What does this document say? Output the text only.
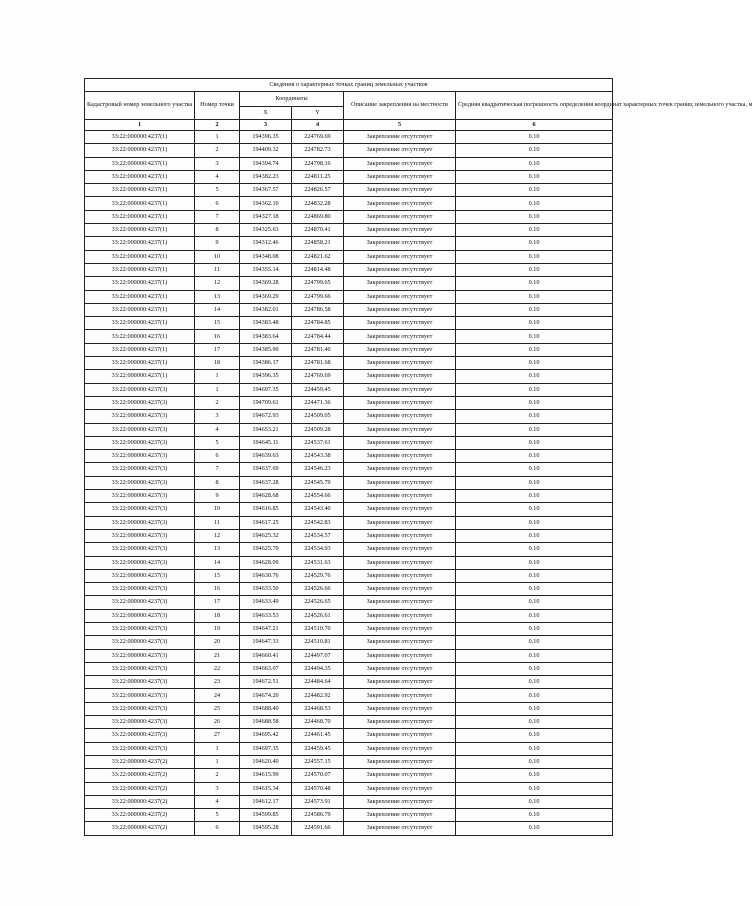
Сведения о характерных точках границ земельных участков					
Кадастровый номер земельного участка	Номер точки	Координаты		Описание закрепления на местности	Средняя квадратическая погрешность определения координат характерных точек границ земельного участка, м
		X	Y		
1	2	3	4	5	6
33:22:000000:4237(1)	1	194396.35	224769.69	Закрепление отсутствует	0.10
33:22:000000:4237(1)	2	194409.32	224782.73	Закрепление отсутствует	0.10
33:22:000000:4237(1)	3	194394.74	224798.16	Закрепление отсутствует	0.10
33:22:000000:4237(1)	4	194382.23	224811.25	Закрепление отсутствует	0.10
33:22:000000:4237(1)	5	194367.57	224826.57	Закрепление отсутствует	0.10
33:22:000000:4237(1)	6	194362.10	224832.28	Закрепление отсутствует	0.10
33:22:000000:4237(1)	7	194327.18	224869.80	Закрепление отсутствует	0.10
33:22:000000:4237(1)	8	194325.63	224870.41	Закрепление отсутствует	0.10
33:22:000000:4237(1)	9	194312.46	224858.21	Закрепление отсутствует	0.10
33:22:000000:4237(1)	10	194348.08	224821.62	Закрепление отсутствует	0.10
33:22:000000:4237(1)	11	194355.14	224814.48	Закрепление отсутствует	0.10
33:22:000000:4237(1)	12	194369.28	224799.65	Закрепление отсутствует	0.10
33:22:000000:4237(1)	13	194369.29	224799.66	Закрепление отсутствует	0.10
33:22:000000:4237(1)	14	194382.01	224786.58	Закрепление отсутствует	0.10
33:22:000000:4237(1)	15	194383.48	224784.85	Закрепление отсутствует	0.10
33:22:000000:4237(1)	16	194383.64	224784.44	Закрепление отсутствует	0.10
33:22:000000:4237(1)	17	194385.90	224781.40	Закрепление отсутствует	0.10
33:22:000000:4237(1)	18	194386.17	224781.68	Закрепление отсутствует	0.10
33:22:000000:4237(1)	1	194396.35	224769.69	Закрепление отсутствует	0.10
33:22:000000:4237(3)	1	194697.35	224459.45	Закрепление отсутствует	0.10
33:22:000000:4237(3)	2	194709.61	224471.36	Закрепление отсутствует	0.10
33:22:000000:4237(3)	3	194672.93	224509.05	Закрепление отсутствует	0.10
33:22:000000:4237(3)	4	194653.21	224509.28	Закрепление отсутствует	0.10
33:22:000000:4237(3)	5	194645.11	224537.61	Закрепление отсутствует	0.10
33:22:000000:4237(3)	6	194639.63	224543.38	Закрепление отсутствует	0.10
33:22:000000:4237(3)	7	194637.69	224546.23	Закрепление отсутствует	0.10
33:22:000000:4237(3)	8	194637.28	224545.79	Закрепление отсутствует	0.10
33:22:000000:4237(3)	9	194628.68	224554.66	Закрепление отсутствует	0.10
33:22:000000:4237(3)	10	194616.85	224543.40	Закрепление отсутствует	0.10
33:22:000000:4237(3)	11	194617.25	224542.83	Закрепление отсутствует	0.10
33:22:000000:4237(3)	12	194625.32	224534.57	Закрепление отсутствует	0.10
33:22:000000:4237(3)	13	194625.70	224534.93	Закрепление отсутствует	0.10
33:22:000000:4237(3)	14	194628.09	224531.63	Закрепление отсутствует	0.10
33:22:000000:4237(3)	15	194630.76	224529.76	Закрепление отсутствует	0.10
33:22:000000:4237(3)	16	194633.50	224526.66	Закрепление отсутствует	0.10
33:22:000000:4237(3)	17	194633.49	224526.65	Закрепление отсутствует	0.10
33:22:000000:4237(3)	18	194633.53	224526.61	Закрепление отсутствует	0.10
33:22:000000:4237(3)	19	194647.21	224510.70	Закрепление отсутствует	0.10
33:22:000000:4237(3)	20	194647.33	224510.81	Закрепление отсутствует	0.10
33:22:000000:4237(3)	21	194660.41	224497.07	Закрепление отсутствует	0.10
33:22:000000:4237(3)	22	194663.07	224494.35	Закрепление отсутствует	0.10
33:22:000000:4237(3)	23	194672.51	224484.64	Закрепление отсутствует	0.10
33:22:000000:4237(3)	24	194674.20	224482.92	Закрепление отсутствует	0.10
33:22:000000:4237(3)	25	194688.40	224468.53	Закрепление отсутствует	0.10
33:22:000000:4237(3)	26	194688.58	224468.70	Закрепление отсутствует	0.10
33:22:000000:4237(3)	27	194695.42	224461.45	Закрепление отсутствует	0.10
33:22:000000:4237(3)	1	194697.35	224459.45	Закрепление отсутствует	0.10
33:22:000000:4237(2)	1	194620.40	224557.15	Закрепление отсутствует	0.10
33:22:000000:4237(2)	2	194615.99	224570.07	Закрепление отсутствует	0.10
33:22:000000:4237(2)	3	194615.34	224570.48	Закрепление отсутствует	0.10
33:22:000000:4237(2)	4	194612.17	224573.91	Закрепление отсутствует	0.10
33:22:000000:4237(2)	5	194599.85	224586.79	Закрепление отсутствует	0.10
33:22:000000:4237(2)	6	194595.28	224591.66	Закрепление отсутствует	0.10
